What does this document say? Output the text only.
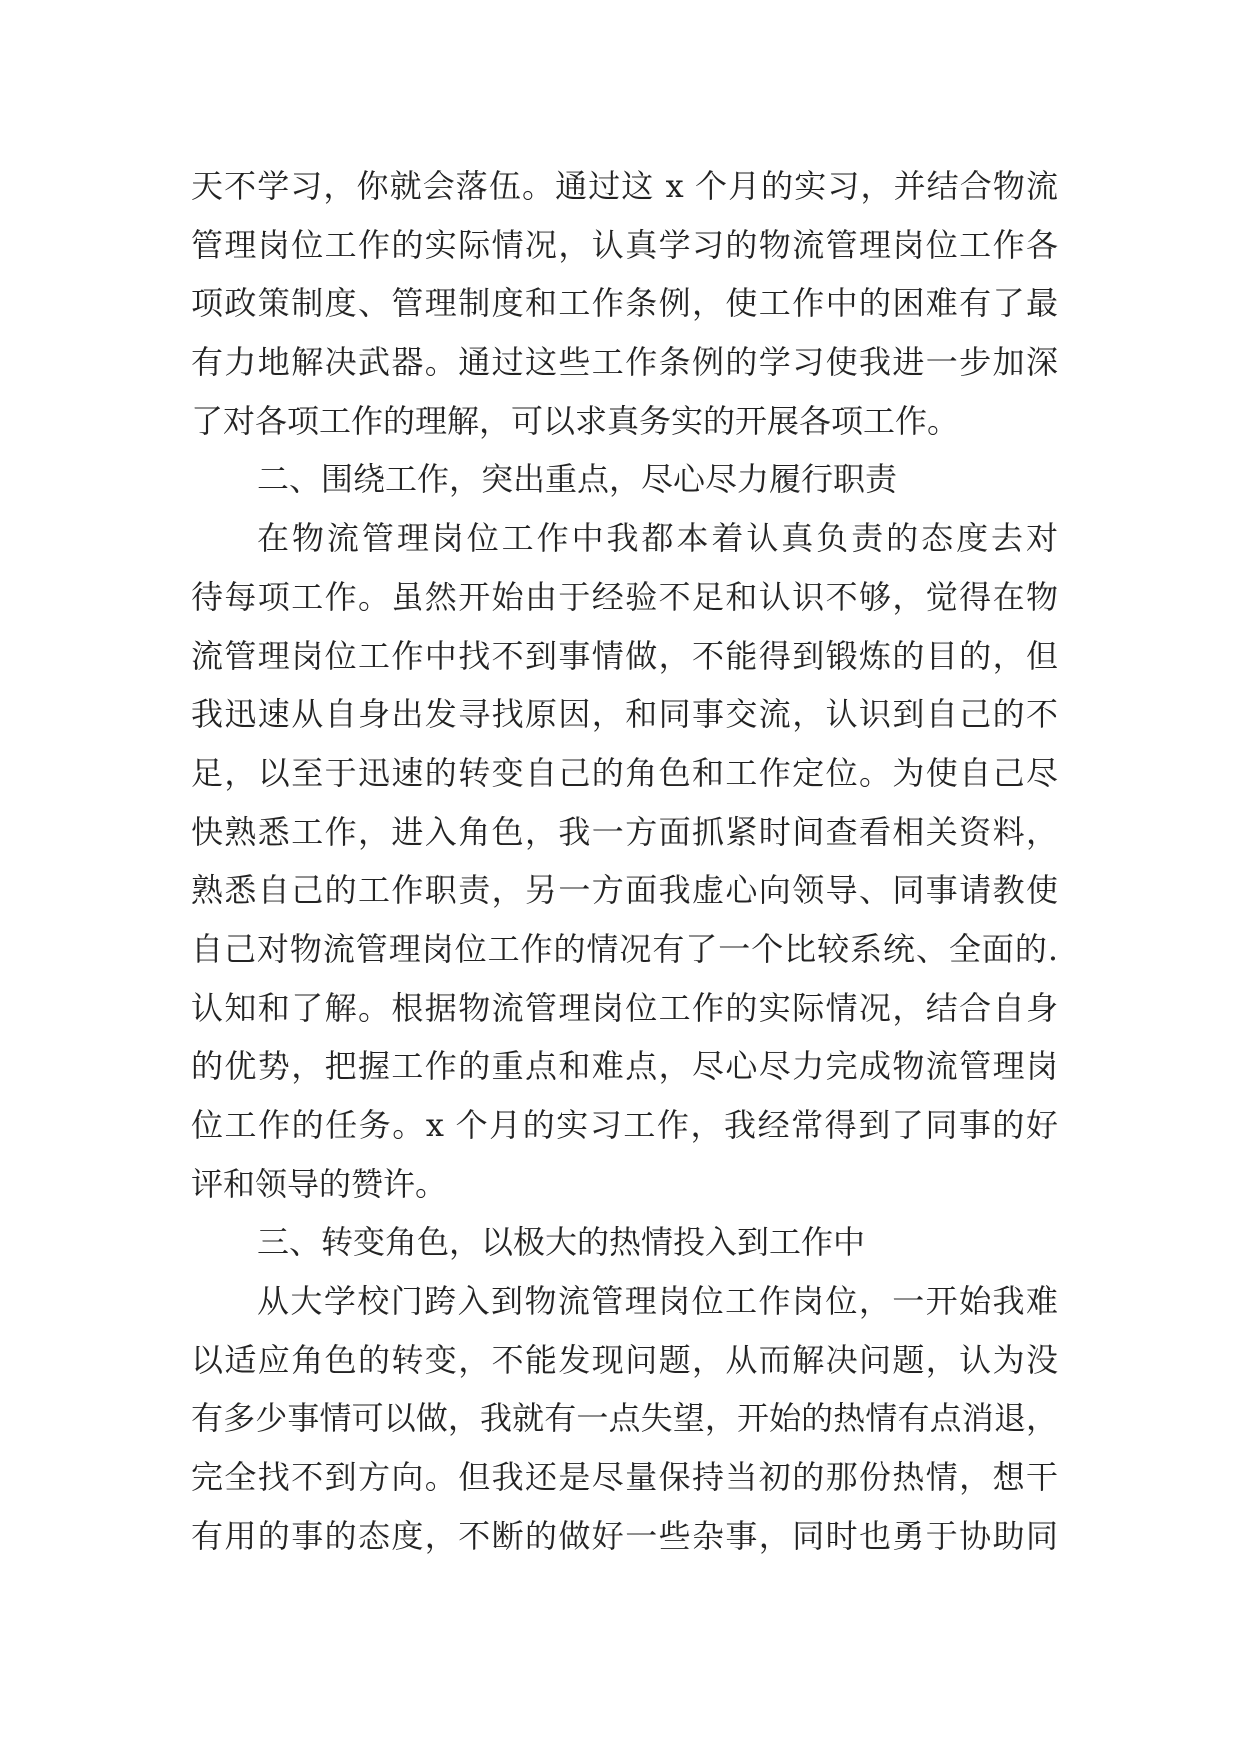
天不学习，你就会落伍。通过这 x 个月的实习，并结合物流
管理岗位工作的实际情况，认真学习的物流管理岗位工作各
项政策制度、管理制度和工作条例，使工作中的困难有了最
有力地解决武器。通过这些工作条例的学习使我进一步加深
了对各项工作的理解，可以求真务实的开展各项工作。
二、围绕工作，突出重点，尽心尽力履行职责
在物流管理岗位工作中我都本着认真负责的态度去对
待每项工作。虽然开始由于经验不足和认识不够，觉得在物
流管理岗位工作中找不到事情做，不能得到锻炼的目的，但
我迅速从自身出发寻找原因，和同事交流，认识到自己的不
足，以至于迅速的转变自己的角色和工作定位。为使自己尽
快熟悉工作，进入角色，我一方面抓紧时间查看相关资料，
熟悉自己的工作职责，另一方面我虚心向领导、同事请教使
自己对物流管理岗位工作的情况有了一个比较系统、全面的.
认知和了解。根据物流管理岗位工作的实际情况，结合自身
的优势，把握工作的重点和难点，尽心尽力完成物流管理岗
位工作的任务。x 个月的实习工作，我经常得到了同事的好
评和领导的赞许。
三、转变角色，以极大的热情投入到工作中
从大学校门跨入到物流管理岗位工作岗位，一开始我难
以适应角色的转变，不能发现问题，从而解决问题，认为没
有多少事情可以做，我就有一点失望，开始的热情有点消退，
完全找不到方向。但我还是尽量保持当初的那份热情，想干
有用的事的态度，不断的做好一些杂事，同时也勇于协助同
